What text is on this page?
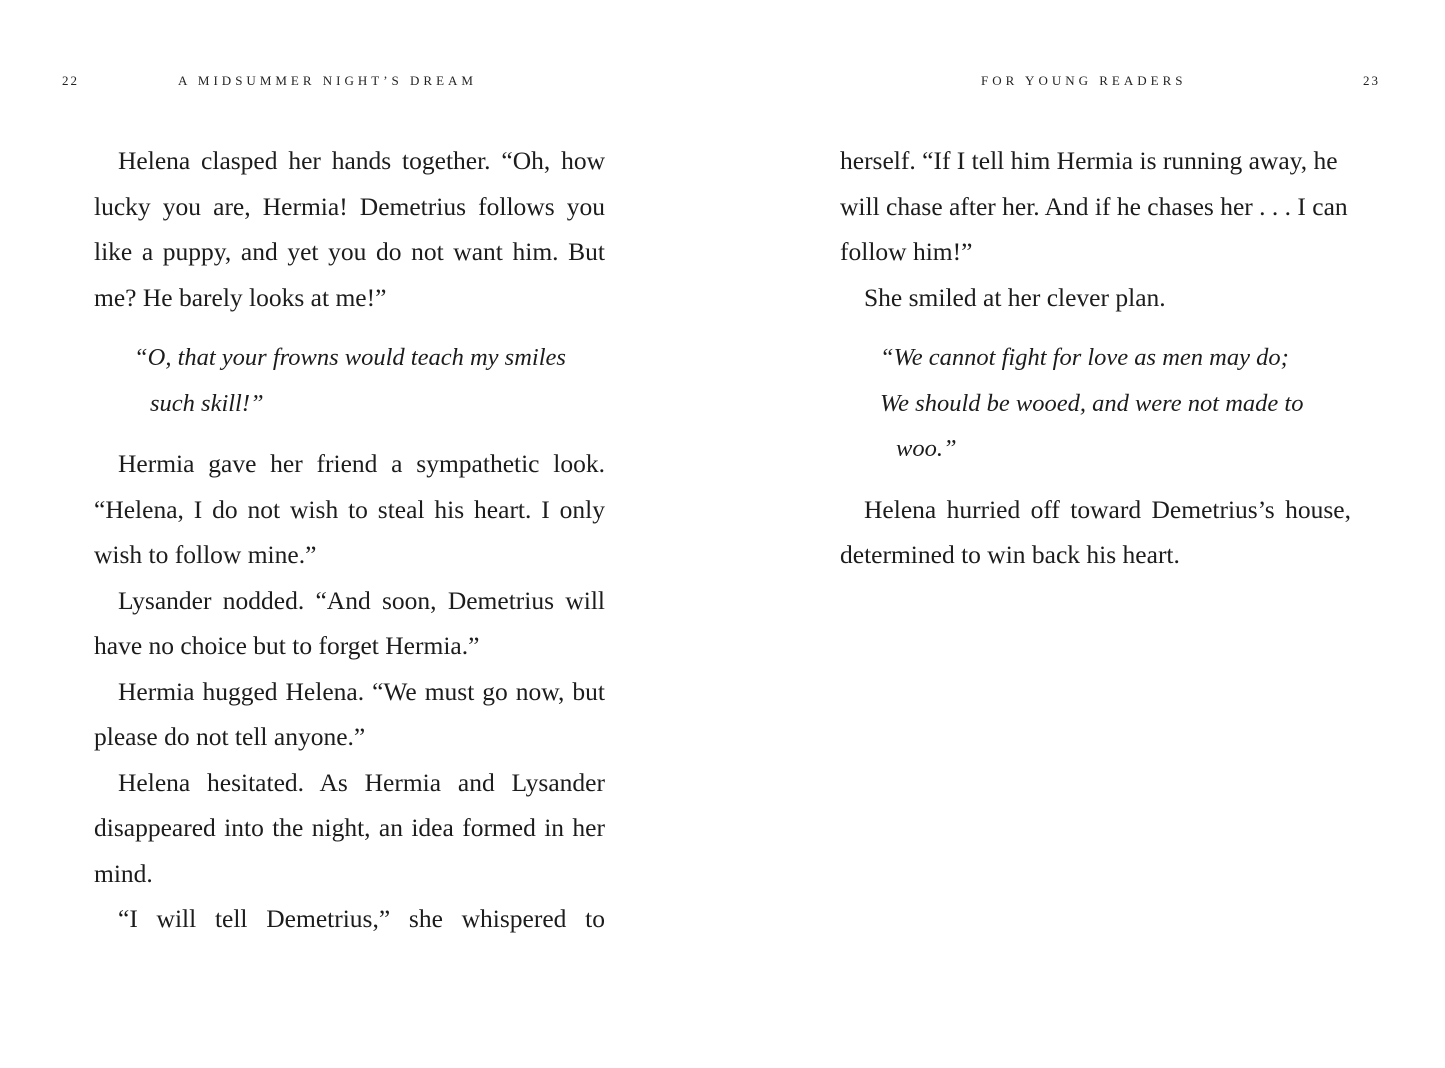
22	A MIDSUMMER NIGHT’S DREAM

Helena clasped her hands together. “Oh, how lucky you are, Hermia! Demetrius follows you like a puppy, and yet you do not want him. But me? He barely looks at me!”

“O, that your frowns would teach my smiles such skill!”

Hermia gave her friend a sympathetic look. “Helena, I do not wish to steal his heart. I only wish to follow mine.”

Lysander nodded. “And soon, Demetrius will have no choice but to forget Hermia.”

Hermia hugged Helena. “We must go now, but please do not tell anyone.”

Helena hesitated. As Hermia and Lysander disappeared into the night, an idea formed in her mind.

“I will tell Demetrius,” she whispered to

FOR YOUNG READERS	23

herself. “If I tell him Hermia is running away, he will chase after her. And if he chases her . . . I can follow him!”

She smiled at her clever plan.

“We cannot fight for love as men may do;
We should be wooed, and were not made to woo.”

Helena hurried off toward Demetrius’s house, determined to win back his heart.
